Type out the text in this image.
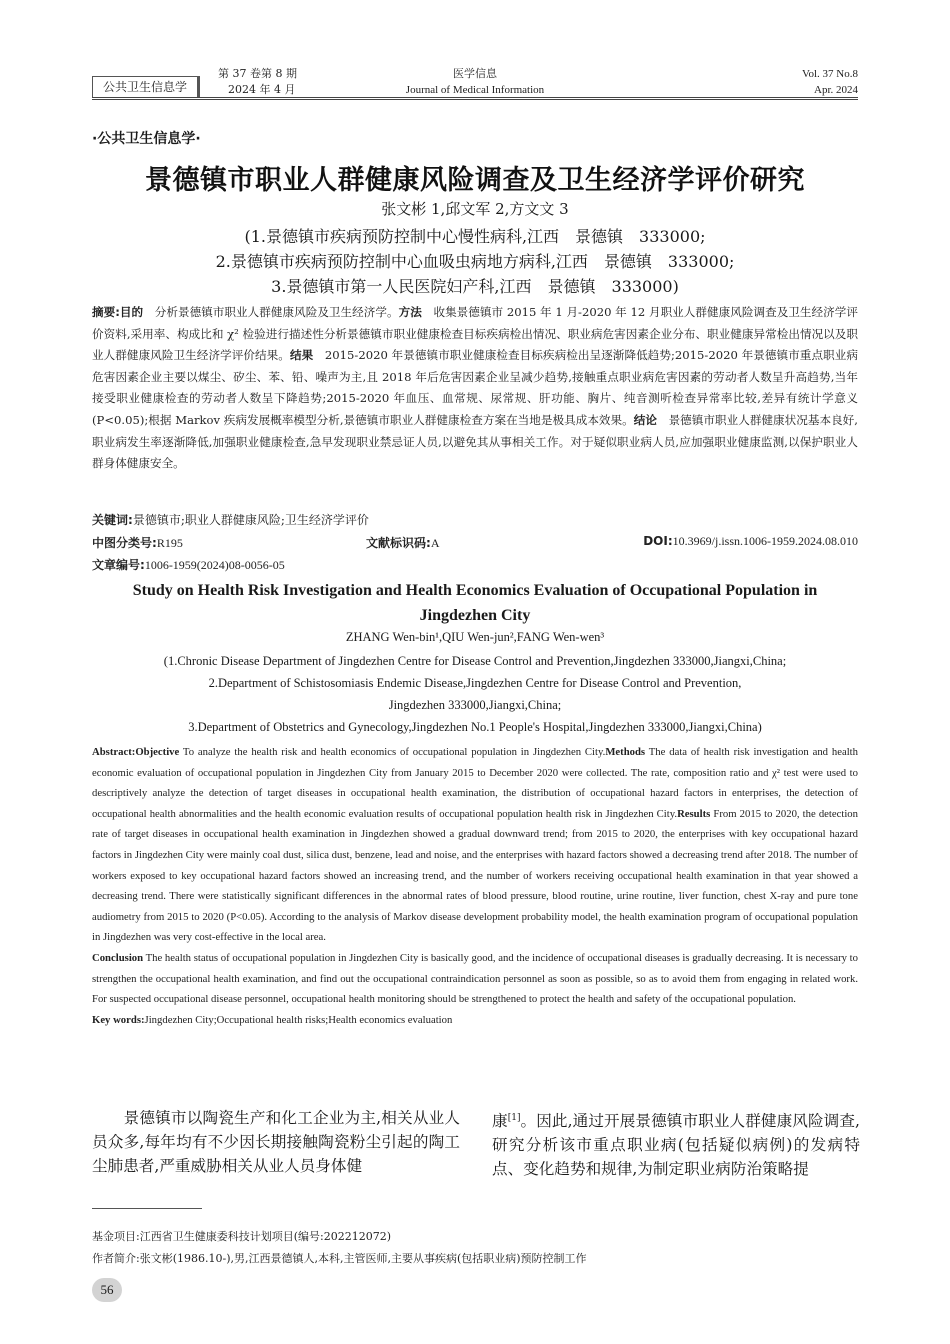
公共卫生信息学
第 37 卷第 8 期
2024 年 4 月
医学信息
Journal of Medical Information
Vol. 37 No.8
Apr. 2024
·公共卫生信息学·
景德镇市职业人群健康风险调查及卫生经济学评价研究
张文彬 1,邱文军 2,方文文 3
(1.景德镇市疾病预防控制中心慢性病科,江西　景德镇　333000;
2.景德镇市疾病预防控制中心血吸虫病地方病科,江西　景德镇　333000;
3.景德镇市第一人民医院妇产科,江西　景德镇　333000)
摘要:目的　分析景德镇市职业人群健康风险及卫生经济学。方法　收集景德镇市 2015 年 1 月-2020 年 12 月职业人群健康风险调查及卫生经济学评价资料,采用率、构成比和 χ² 检验进行描述性分析景德镇市职业健康检查目标疾病检出情况、职业病危害因素企业分布、职业健康异常检出情况以及职业人群健康风险卫生经济学评价结果。结果　2015-2020 年景德镇市职业健康检查目标疾病检出呈逐渐降低趋势;2015-2020 年景德镇市重点职业病危害因素企业主要以煤尘、矽尘、苯、铅、噪声为主,且 2018 年后危害因素企业呈减少趋势,接触重点职业病危害因素的劳动者人数呈升高趋势,当年接受职业健康检查的劳动者人数呈下降趋势;2015-2020 年血压、血常规、尿常规、肝功能、胸片、纯音测听检查异常率比较,差异有统计学意义(P<0.05);根据 Markov 疾病发展概率模型分析,景德镇市职业人群健康检查方案在当地是极具成本效果。结论　景德镇市职业人群健康状况基本良好,职业病发生率逐渐降低,加强职业健康检查,急早发现职业禁忌证人员,以避免其从事相关工作。对于疑似职业病人员,应加强职业健康监测,以保护职业人群身体健康安全。
关键词:景德镇市;职业人群健康风险;卫生经济学评价
中图分类号:R195	文献标识码:A	DOI:10.3969/j.issn.1006-1959.2024.08.010
文章编号:1006-1959(2024)08-0056-05
Study on Health Risk Investigation and Health Economics Evaluation of Occupational Population in Jingdezhen City
ZHANG Wen-bin¹,QIU Wen-jun²,FANG Wen-wen³
(1.Chronic Disease Department of Jingdezhen Centre for Disease Control and Prevention,Jingdezhen 333000,Jiangxi,China;
2.Department of Schistosomiasis Endemic Disease,Jingdezhen Centre for Disease Control and Prevention,
Jingdezhen 333000,Jiangxi,China;
3.Department of Obstetrics and Gynecology,Jingdezhen No.1 People's Hospital,Jingdezhen 333000,Jiangxi,China)
Abstract:Objective To analyze the health risk and health economics of occupational population in Jingdezhen City.Methods The data of health risk investigation and health economic evaluation of occupational population in Jingdezhen City from January 2015 to December 2020 were collected. The rate, composition ratio and χ² test were used to descriptively analyze the detection of target diseases in occupational health examination, the distribution of occupational hazard factors in enterprises, the detection of occupational health abnormalities and the health economic evaluation results of occupational population health risk in Jingdezhen City.Results From 2015 to 2020, the detection rate of target diseases in occupational health examination in Jingdezhen showed a gradual downward trend; from 2015 to 2020, the enterprises with key occupational hazard factors in Jingdezhen City were mainly coal dust, silica dust, benzene, lead and noise, and the enterprises with hazard factors showed a decreasing trend after 2018. The number of workers exposed to key occupational hazard factors showed an increasing trend, and the number of workers receiving occupational health examination in that year showed a decreasing trend. There were statistically significant differences in the abnormal rates of blood pressure, blood routine, urine routine, liver function, chest X-ray and pure tone audiometry from 2015 to 2020 (P<0.05). According to the analysis of Markov disease development probability model, the health examination program of occupational population in Jingdezhen was very cost-effective in the local area.
Conclusion The health status of occupational population in Jingdezhen City is basically good, and the incidence of occupational diseases is gradually decreasing. It is necessary to strengthen the occupational health examination, and find out the occupational contraindication personnel as soon as possible, so as to avoid them from engaging in related work. For suspected occupational disease personnel, occupational health monitoring should be strengthened to protect the health and safety of the occupational population.
Key words:Jingdezhen City;Occupational health risks;Health economics evaluation
　　景德镇市以陶瓷生产和化工企业为主,相关从业人员众多,每年均有不少因长期接触陶瓷粉尘引起的陶工尘肺患者,严重威胁相关从业人员身体健
康[1]。因此,通过开展景德镇市职业人群健康风险调查,研究分析该市重点职业病(包括疑似病例)的发病特点、变化趋势和规律,为制定职业病防治策略提
基金项目:江西省卫生健康委科技计划项目(编号:202212072)
作者简介:张文彬(1986.10-),男,江西景德镇人,本科,主管医师,主要从事疾病(包括职业病)预防控制工作
56
